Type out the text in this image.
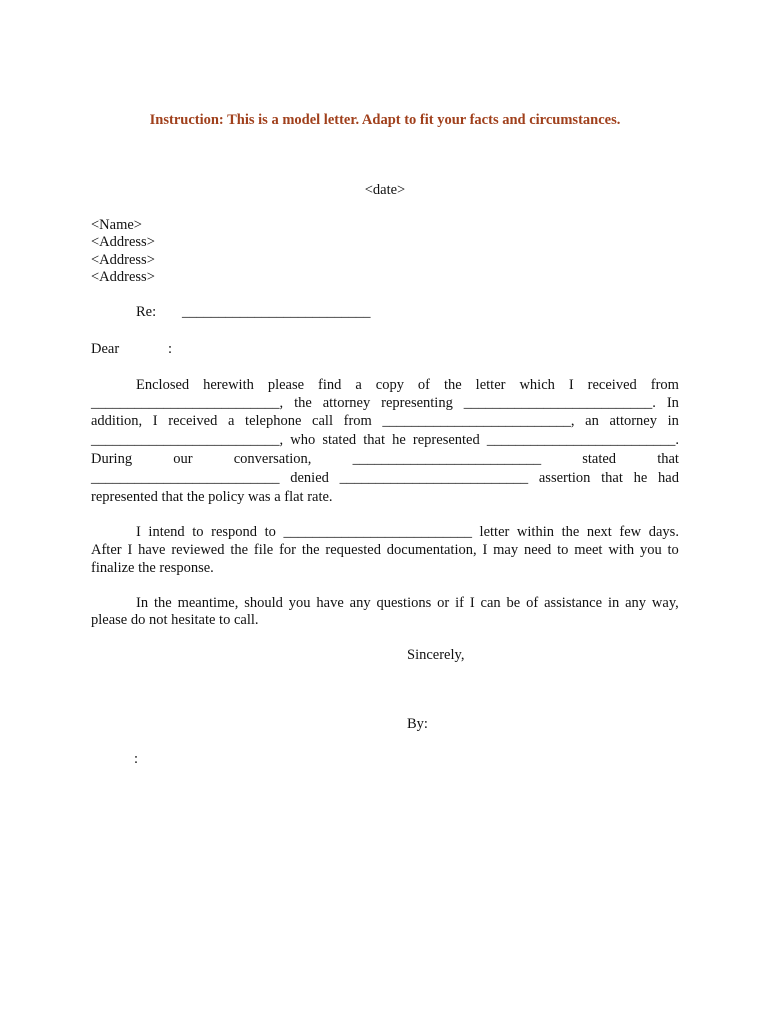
Instruction: This is a model letter. Adapt to fit your facts and circumstances.
<date>
<Name>
<Address>
<Address>
<Address>
Re: __________________________
Dear	:
Enclosed herewith please find a copy of the letter which I received from
__________________________, the attorney representing __________________________. In
addition, I received a telephone call from __________________________, an attorney in
__________________________, who stated that he represented __________________________.
During	our	conversation,	__________________________	stated	that
__________________________ denied __________________________ assertion that he had
represented that the policy was a flat rate.
I intend to respond to __________________________ letter within the next few days.
After I have reviewed the file for the requested documentation, I may need to meet with you to
finalize the response.
In the meantime, should you have any questions or if I can be of assistance in any way,
please do not hesitate to call.
Sincerely,
By:
:
